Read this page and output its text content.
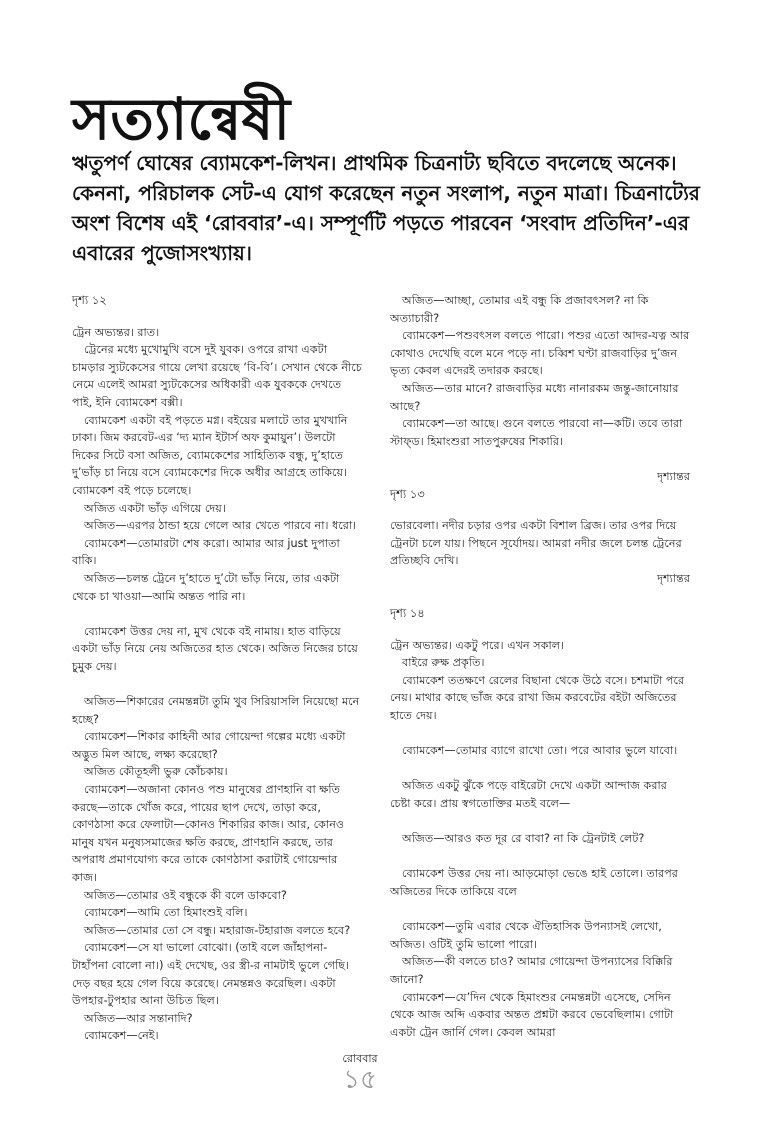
সত্যান্বেষী

ঋতুপর্ণ ঘোষের ব্যোমকেশ-লিখন। প্রাথমিক চিত্রনাট্য ছবিতে বদলেছে অনেক। কেননা, পরিচালক সেট-এ যোগ করেছেন নতুন সংলাপ, নতুন মাত্রা। চিত্রনাট্যের অংশ বিশেষ এই ‘রোববার’-এ। সম্পূর্ণটি পড়তে পারবেন ‘সংবাদ প্রতিদিন’-এর এবারের পুজোসংখ্যায়।

দৃশ্য ১২
ট্রেন অভ্যন্তর। রাত।
ট্রেনের মধ্যে মুখোমুখি বসে দুই যুবক। ওপরে রাখা একটা চামড়ার স্যুটকেসের গায়ে লেখা রয়েছে ‘বি-বি’। সেখান থেকে নীচে নেমে এলেই আমরা স্যুটকেসের অধিকারী এক যুবককে দেখতে পাই, ইনি ব্যোমকেশ বক্সী।
ব্যোমকেশ একটা বই পড়তে মগ্ন। বইয়ের মলাটে তার মুখখানি ঢাকা। জিম করবেট-এর ‘দ্য ম্যান ইটার্স অফ কুমায়ুন’। উলটো দিকের সিটে বসা অজিত, ব্যোমকেশের সাহিত্যিক বন্ধু, দু’হাতে দু’ভাঁড় চা নিয়ে বসে ব্যোমকেশের দিকে অধীর আগ্রহে তাকিয়ে। ব্যোমকেশ বই পড়ে চলেছে।
অজিত একটা ভাঁড় এগিয়ে দেয়।
অজিত—এরপর ঠান্ডা হয়ে গেলে আর খেতে পারবে না। ধরো।
ব্যোমকেশ—তোমারটা শেষ করো। আমার আর just দুপাতা বাকি।
অজিত—চলন্ত ট্রেনে দু’হাতে দু’টো ভাঁড় নিয়ে, তার একটা থেকে চা খাওয়া—আমি অন্তত পারি না।
ব্যোমকেশ উত্তর দেয় না, মুখ থেকে বই নামায়। হাত বাড়িয়ে একটা ভাঁড় নিয়ে নেয় অজিতের হাত থেকে। অজিত নিজের চায়ে চুমুক দেয়।
অজিত—শিকারের নেমন্তন্নটা তুমি খুব সিরিয়াসলি নিয়েছো মনে হচ্ছে?
ব্যোমকেশ—শিকার কাহিনী আর গোয়েন্দা গল্পের মধ্যে একটা অদ্ভুত মিল আছে, লক্ষ্য করেছো?
অজিত কৌতূহলী ভুরু কোঁচকায়।
ব্যোমকেশ—অজানা কোনও পশু মানুষের প্রাণহানি বা ক্ষতি করছে—তাকে খোঁজ করে, পায়ের ছাপ দেখে, তাড়া করে, কোণঠাসা করে ফেলাটা—কোনও শিকারির কাজ। আর, কোনও মানুষ যখন মনুষ্যসমাজের ক্ষতি করছে, প্রাণহানি করছে, তার অপরাধ প্রমাণযোগ্য করে তাকে কোণঠাসা করাটাই গোয়েন্দার কাজ।
অজিত—তোমার ওই বন্ধুকে কী বলে ডাকবো?
ব্যোমকেশ—আমি তো হিমাংশুই বলি।
অজিত—তোমার তো সে বন্ধু। মহারাজ-টহারাজ বলতে হবে?
ব্যোমকেশ—সে যা ভালো বোঝো। (তাই বলে জাঁহাপনা-টাহাঁপনা বোলো না।) এই দেখেছ, ওর স্ত্রী-র নামটাই ভুলে গেছি। দেড় বছর হয়ে গেল বিয়ে করেছে। নেমন্তন্নও করেছিল। একটা উপহার-টুপহার আনা উচিত ছিল।
অজিত—আর সন্তানাদি?
ব্যোমকেশ—নেই।
অজিত—আচ্ছা, তোমার এই বন্ধু কি প্রজাবৎসল? না কি অত্যাচারী?
ব্যোমকেশ—পশুবৎসল বলতে পারো। পশুর এতো আদর-যত্ন আর কোথাও দেখেছি বলে মনে পড়ে না। চব্বিশ ঘণ্টা রাজবাড়ির দু’জন ভৃত্য কেবল এদেরই তদারক করছে।
অজিত—তার মানে? রাজবাড়ির মধ্যে নানারকম জন্তু-জানোয়ার আছে?
ব্যোমকেশ—তা আছে। গুনে বলতে পারবো না—কটি। তবে তারা স্টাফ্‌ড। হিমাংশুরা সাতপুরুষের শিকারি।
দৃশ্যান্তর
দৃশ্য ১৩
ভোরবেলা। নদীর চড়ার ওপর একটা বিশাল ব্রিজ। তার ওপর দিয়ে ট্রেনটা চলে যায়। পিছনে সূর্যোদয়। আমরা নদীর জলে চলন্ত ট্রেনের প্রতিচ্ছবি দেখি।
দৃশ্যান্তর
দৃশ্য ১৪
ট্রেন অভ্যন্তর। একটু পরে। এখন সকাল।
বাইরে রুক্ষ প্রকৃতি।
ব্যোমকেশ ততক্ষণে রেলের বিছানা থেকে উঠে বসে। চশমাটা পরে নেয়। মাথার কাছে ভাঁজ করে রাখা জিম করবেটের বইটা অজিতের হাতে দেয়।
ব্যোমকেশ—তোমার ব্যাগে রাখো তো। পরে আবার ভুলে যাবো।
অজিত একটু ঝুঁকে পড়ে বাইরেটা দেখে একটা আন্দাজ করার চেষ্টা করে। প্রায় স্বগতোক্তির মতই বলে—
অজিত—আরও কত দূর রে বাবা? না কি ট্রেনটাই লেট?
ব্যোমকেশ উত্তর দেয় না। আড়মোড়া ভেঙে হাই তোলে। তারপর অজিতের দিকে তাকিয়ে বলে
ব্যোমকেশ—তুমি এবার থেকে ঐতিহাসিক উপন্যাসই লেখো, অজিত। ওটিই তুমি ভালো পারো।
অজিত—কী বলতে চাও? আমার গোয়েন্দা উপন্যাসের বিক্কিরি জানো?
ব্যোমকেশ—যে’দিন থেকে হিমাংশুর নেমন্তন্নটা এসেছে, সেদিন থেকে আজ অব্দি একবার অন্তত প্রশ্নটা করবে ভেবেছিলাম। গোটা একটা ট্রেন জার্নি গেল। কেবল আমরা
রোববার
১৫
